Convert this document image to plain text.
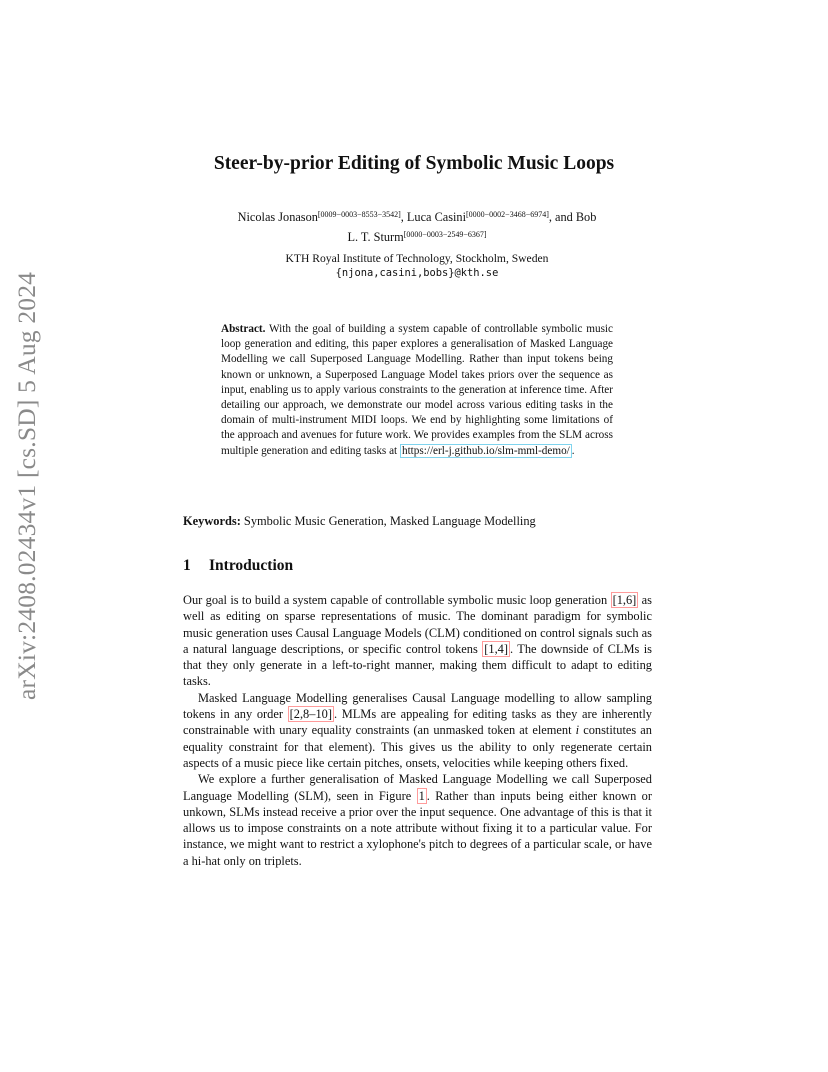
arXiv:2408.02434v1 [cs.SD] 5 Aug 2024
Steer-by-prior Editing of Symbolic Music Loops
Nicolas Jonason[0009−0003−8553−3542], Luca Casini[0000−0002−3468−6974], and Bob
L. T. Sturm[0000−0003−2549−6367]
KTH Royal Institute of Technology, Stockholm, Sweden
{njona,casini,bobs}@kth.se
Abstract. With the goal of building a system capable of controllable symbolic music loop generation and editing, this paper explores a generalisation of Masked Language Modelling we call Superposed Language Modelling. Rather than input tokens being known or unknown, a Superposed Language Model takes priors over the sequence as input, enabling us to apply various constraints to the generation at inference time. After detailing our approach, we demonstrate our model across various editing tasks in the domain of multi-instrument MIDI loops. We end by highlighting some limitations of the approach and avenues for future work. We provides examples from the SLM across multiple generation and editing tasks at https://erl-j.github.io/slm-mml-demo/ .
Keywords: Symbolic Music Generation, Masked Language Modelling
1 Introduction

Our goal is to build a system capable of controllable symbolic music loop generation [1,6] as well as editing on sparse representations of music. The dominant paradigm for symbolic music generation uses Causal Language Models (CLM) conditioned on control signals such as a natural language descriptions, or specific control tokens [1,4] . The downside of CLMs is that they only generate in a left-to-right manner, making them difficult to adapt to editing tasks.

Masked Language Modelling generalises Causal Language modelling to allow sampling tokens in any order [2,8–10] . MLMs are appealing for editing tasks as they are inherently constrainable with unary equality constraints (an unmasked token at element i constitutes an equality constraint for that element). This gives us the ability to only regenerate certain aspects of a music piece like certain pitches, onsets, velocities while keeping others fixed.

We explore a further generalisation of Masked Language Modelling we call Superposed Language Modelling (SLM), seen in Figure 1 . Rather than inputs being either known or unkown, SLMs instead receive a prior over the input sequence. One advantage of this is that it allows us to impose constraints on a note attribute without fixing it to a particular value. For instance, we might want to restrict a xylophone's pitch to degrees of a particular scale, or have a hi-hat only on triplets.
